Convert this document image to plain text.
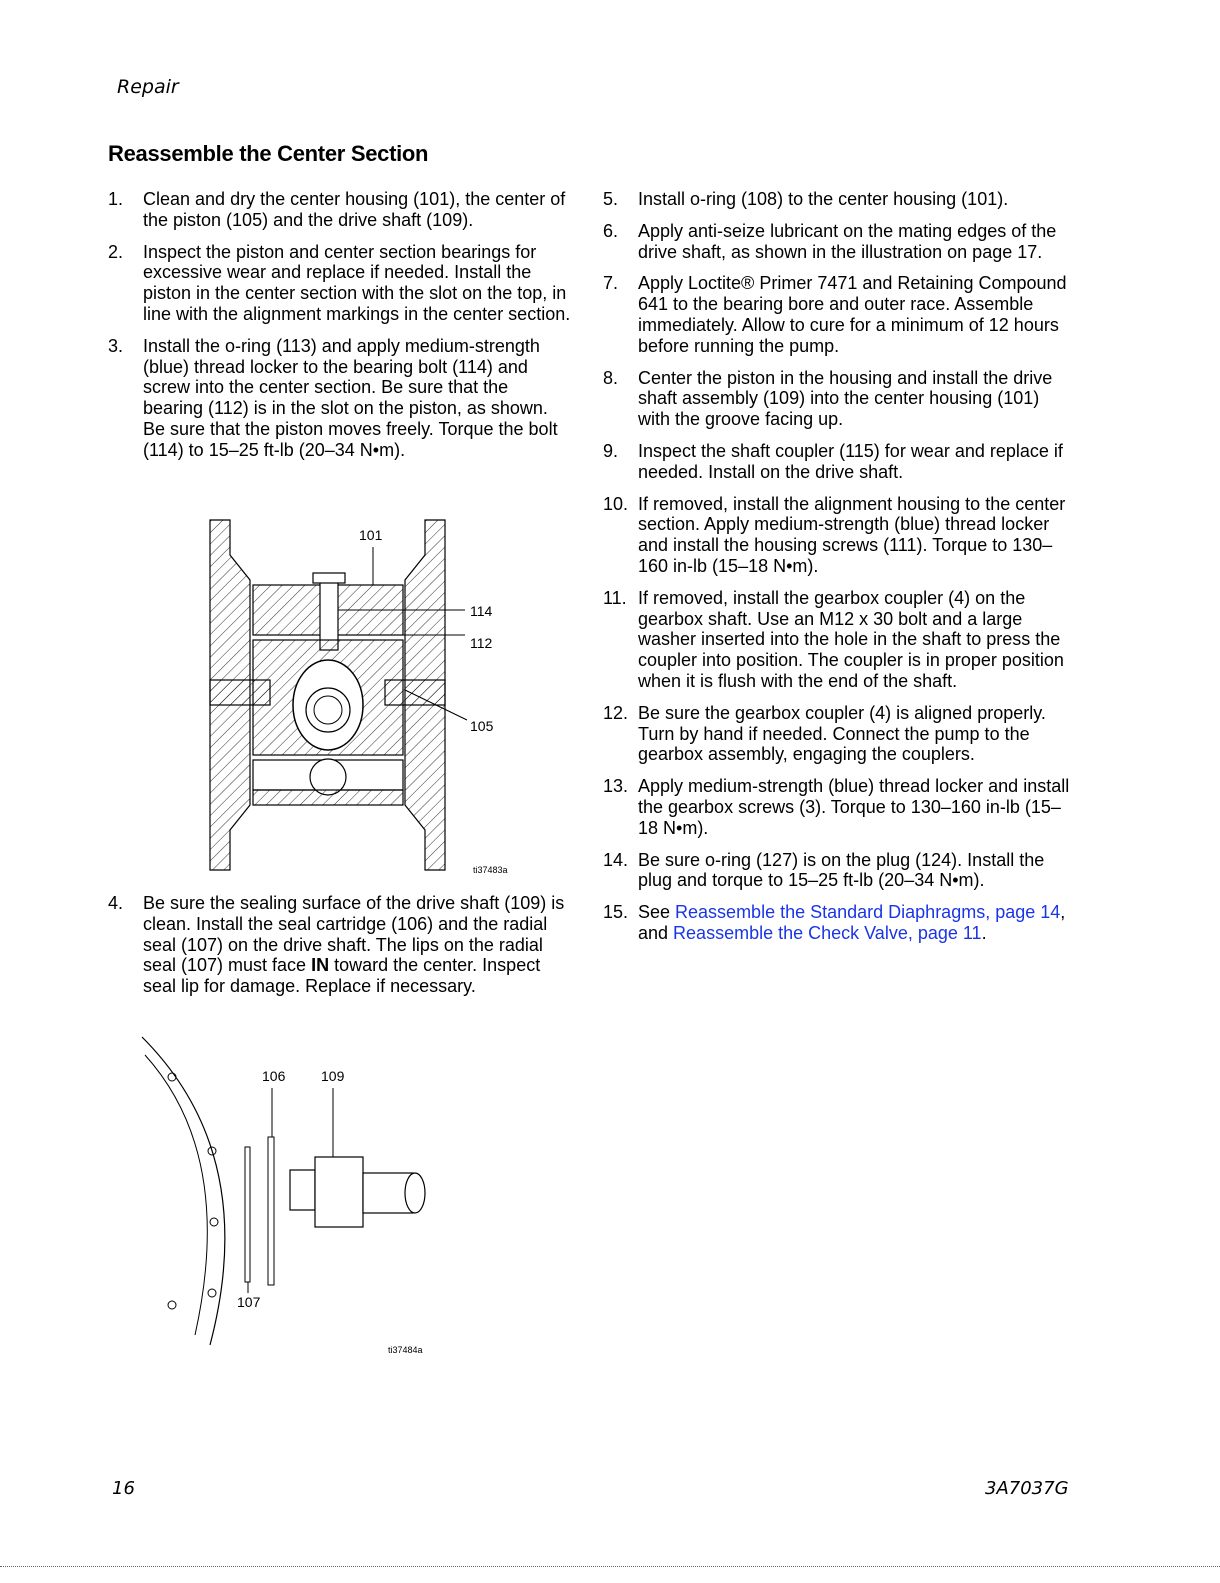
Repair
Reassemble the Center Section
1. Clean and dry the center housing (101), the center of the piston (105) and the drive shaft (109).
2. Inspect the piston and center section bearings for excessive wear and replace if needed. Install the piston in the center section with the slot on the top, in line with the alignment markings in the center section.
3. Install the o-ring (113) and apply medium-strength (blue) thread locker to the bearing bolt (114) and screw into the center section. Be sure that the bearing (112) is in the slot on the piston, as shown. Be sure that the piston moves freely. Torque the bolt (114) to 15–25 ft-lb (20–34 N•m).
101
114
112
105
ti37483a
4. Be sure the sealing surface of the drive shaft (109) is clean. Install the seal cartridge (106) and the radial seal (107) on the drive shaft. The lips on the radial seal (107) must face IN toward the center. Inspect seal lip for damage. Replace if necessary.
106	109
107
ti37484a
5. Install o-ring (108) to the center housing (101).
6. Apply anti-seize lubricant on the mating edges of the drive shaft, as shown in the illustration on page 17.
7. Apply Loctite® Primer 7471 and Retaining Compound 641 to the bearing bore and outer race. Assemble immediately. Allow to cure for a minimum of 12 hours before running the pump.
8. Center the piston in the housing and install the drive shaft assembly (109) into the center housing (101) with the groove facing up.
9. Inspect the shaft coupler (115) for wear and replace if needed. Install on the drive shaft.
10. If removed, install the alignment housing to the center section. Apply medium-strength (blue) thread locker and install the housing screws (111). Torque to 130–160 in-lb (15–18 N•m).
11. If removed, install the gearbox coupler (4) on the gearbox shaft. Use an M12 x 30 bolt and a large washer inserted into the hole in the shaft to press the coupler into position. The coupler is in proper position when it is flush with the end of the shaft.
12. Be sure the gearbox coupler (4) is aligned properly. Turn by hand if needed. Connect the pump to the gearbox assembly, engaging the couplers.
13. Apply medium-strength (blue) thread locker and install the gearbox screws (3). Torque to 130–160 in-lb (15–18 N•m).
14. Be sure o-ring (127) is on the plug (124). Install the plug and torque to 15–25 ft-lb (20–34 N•m).
15. See Reassemble the Standard Diaphragms, page 14, and Reassemble the Check Valve, page 11.
16	3A7037G
